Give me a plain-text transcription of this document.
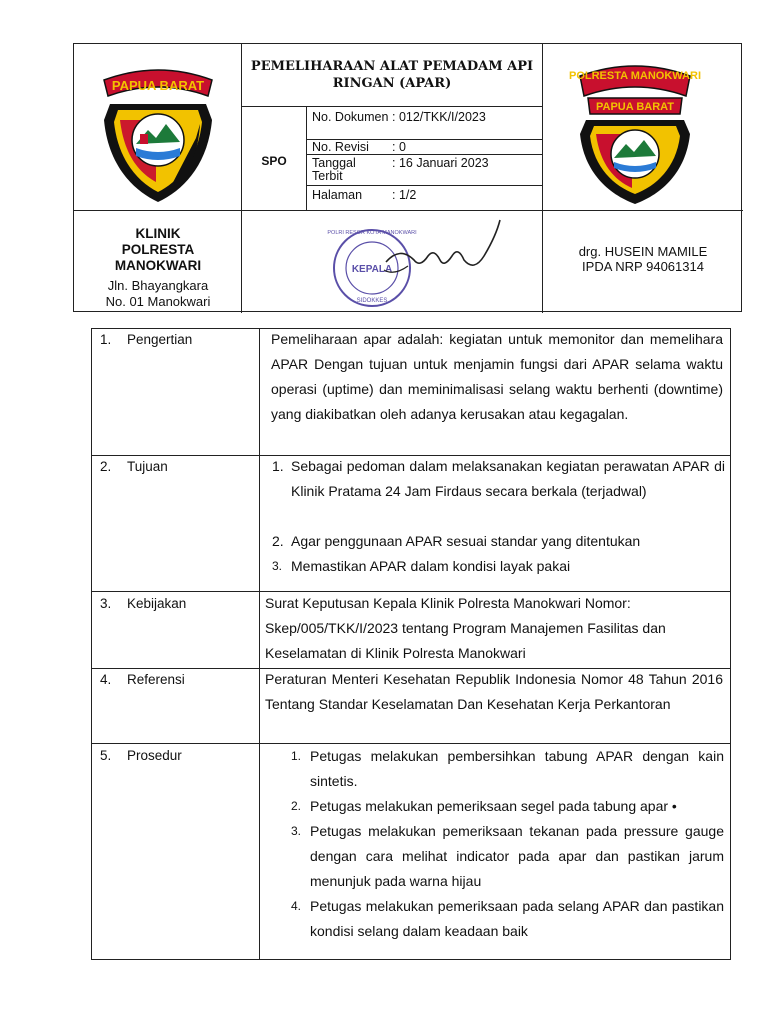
PAPUA BARAT
PEMELIHARAAN ALAT PEMADAM API RINGAN (APAR)
SPO
No. Dokumen : 012/TKK/I/2023
No. Revisi : 0
Tanggal Terbit
: 16 Januari 2023
Halaman : 1/2
POLRESTA MANOKWARI
PAPUA BARAT
KLINIK POLRESTA MANOKWARI
Jln. Bhayangkara No. 01 Manokwari
POLRI RESOR KOTA MANOKWARI
KEPALA
SIDOKKES
drg. HUSEIN MAMILE
IPDA NRP 94061314
1. Pengertian	Pemeliharaan apar adalah: kegiatan untuk memonitor dan memelihara APAR Dengan tujuan untuk menjamin fungsi dari APAR selama waktu operasi (uptime) dan meminimalisasi selang waktu berhenti (downtime) yang diakibatkan oleh adanya kerusakan atau kegagalan.
2. Tujuan	1. Sebagai pedoman dalam melaksanakan kegiatan perawatan APAR di Klinik Pratama 24 Jam Firdaus secara berkala (terjadwal)
2. Agar penggunaan APAR sesuai standar yang ditentukan
3. Memastikan APAR dalam kondisi layak pakai
3. Kebijakan	Surat Keputusan Kepala Klinik Polresta Manokwari Nomor:

Skep/005/TKK/I/2023 tentang Program Manajemen Fasilitas dan

Keselamatan di Klinik Polresta Manokwari

4. Referensi	Peraturan Menteri Kesehatan Republik Indonesia Nomor 48 Tahun 2016 Tentang Standar Keselamatan Dan Kesehatan Kerja Perkantoran
5. Prosedur	1. Petugas melakukan pembersihkan tabung APAR dengan kain sintetis.
2. Petugas melakukan pemeriksaan segel pada tabung apar •
3. Petugas melakukan pemeriksaan tekanan pada pressure gauge dengan cara melihat indicator pada apar dan pastikan jarum menunjuk pada warna hijau
4. Petugas melakukan pemeriksaan pada selang APAR dan pastikan kondisi selang dalam keadaan baik
